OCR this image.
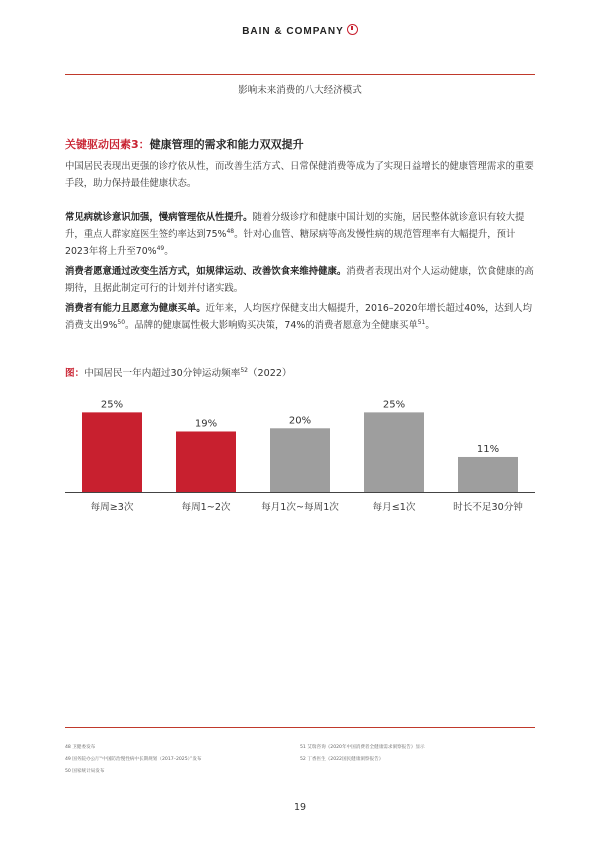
BAIN & COMPANY
影响未来消费的八大经济模式
关键驱动因素3：健康管理的需求和能力双双提升

中国居民表现出更强的诊疗依从性，而改善生活方式、日常保健消费等成为了实现日益增长的健康管理需求的重要手段，助力保持最佳健康状态。

常见病就诊意识加强，慢病管理依从性提升。随着分级诊疗和健康中国计划的实施，居民整体就诊意识有较大提升，重点人群家庭医生签约率达到75%$^{48}$。针对心血管、糖尿病等高发慢性病的规范管理率有大幅提升，预计2023年将上升至70%$^{49}$。

消费者愿意通过改变生活方式，如规律运动、改善饮食来维持健康。消费者表现出对个人运动健康，饮食健康的高期待，且据此制定可行的计划并付诸实践。

消费者有能力且愿意为健康买单。近年来，人均医疗保健支出大幅提升，2016–2020年增长超过40%，达到人均消费支出9%$^{50}$。品牌的健康属性极大影响购买决策，74%的消费者愿意为全健康买单$^{51}$。

图：中国居民一年内超过30分钟运动频率$^{52}$（2022）
25%
每周≥3次
19%
每周1~2次
20%
每月1次~每周1次
25%
每月≤1次
11%
时长不足30分钟
19
48 卫健委发布
49 国务院办公厅“中国防治慢性病中长期规划（2017–2025）”发布
50 国家统计局发布
51 艾瑞咨询《2020年中国消费者全健康需求洞察报告》显示
52 丁香医生《2022国民健康洞察报告》
